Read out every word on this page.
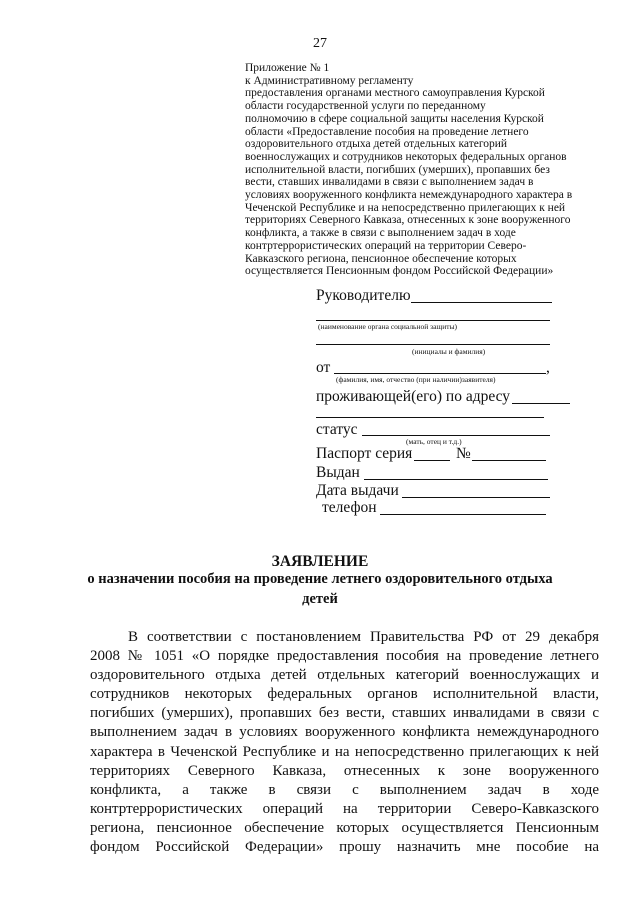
27
Приложение № 1
к Административному регламенту
предоставления органами местного самоуправления Курской
области государственной услуги по переданному
полномочию в сфере социальной защиты населения Курской
области «Предоставление пособия на проведение летнего
оздоровительного отдыха детей отдельных категорий
военнослужащих и сотрудников некоторых федеральных органов
исполнительной власти, погибших (умерших), пропавших без
вести, ставших инвалидами в связи с выполнением задач в
условиях вооруженного конфликта немеждународного характера в
Чеченской Республике и на непосредственно прилегающих к ней
территориях Северного Кавказа, отнесенных к зоне вооруженного
конфликта, а также в связи с выполнением задач в ходе
контртеррористических операций на территории Северо-
Кавказского региона, пенсионное обеспечение которых
осуществляется Пенсионным фондом Российской Федерации»
Руководителю
(наименование органа социальной защиты)
(инициалы и фамилия)
от	,
(фамилия, имя, отчество (при наличии)заявителя)
проживающей(его) по адресу
статус
(мать, отец и т.д.)
Паспорт серия	№
Выдан
Дата выдачи
телефон
ЗАЯВЛЕНИЕ
о назначении пособия на проведение летнего оздоровительного отдыха
детей
В соответствии с постановлением Правительства РФ от 29 декабря
2008 № 1051 «О порядке предоставления пособия на проведение летнего
оздоровительного отдыха детей отдельных категорий военнослужащих и
сотрудников некоторых федеральных органов исполнительной власти,
погибших (умерших), пропавших без вести, ставших инвалидами в связи с
выполнением задач в условиях вооруженного конфликта немеждународного
характера в Чеченской Республике и на непосредственно прилегающих к ней
территориях Северного Кавказа, отнесенных к зоне вооруженного
конфликта, а также в связи с выполнением задач в ходе
контртеррористических операций на территории Северо-Кавказского
региона, пенсионное обеспечение которых осуществляется Пенсионным
фондом Российской Федерации» прошу назначить мне пособие на
